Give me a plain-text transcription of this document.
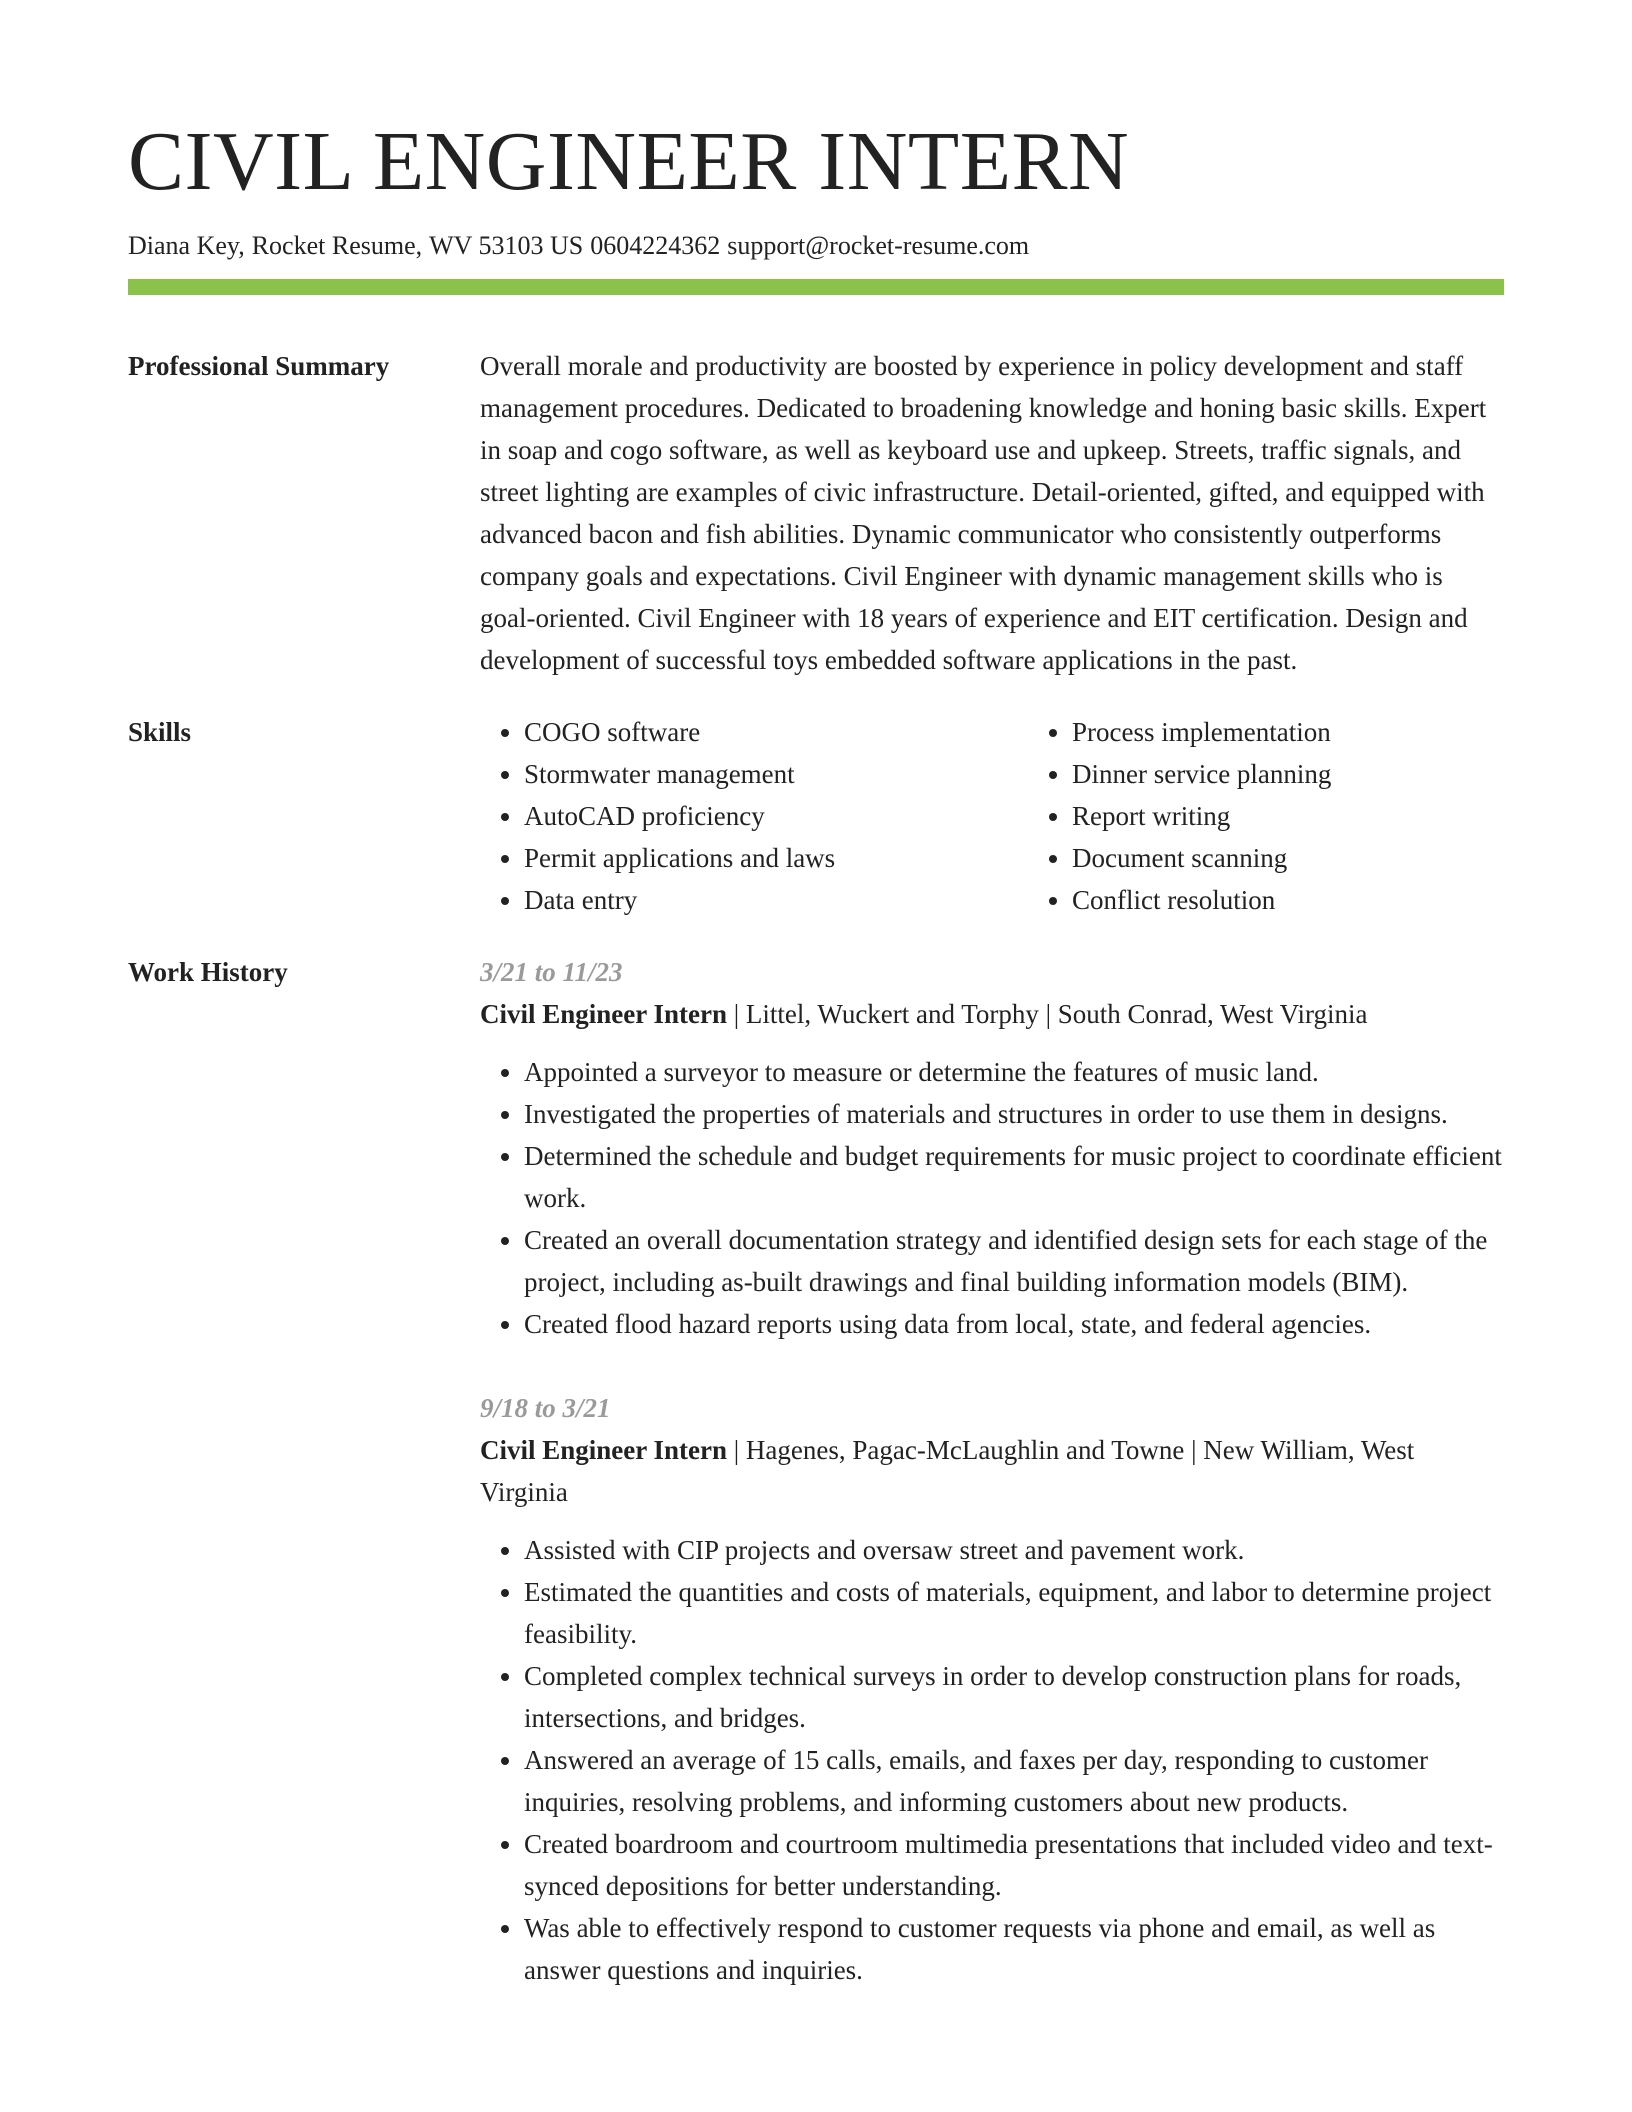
CIVIL ENGINEER INTERN
Diana Key, Rocket Resume, WV 53103 US 0604224362 support@rocket-resume.com
Professional Summary	Overall morale and productivity are boosted by experience in policy development and staff management procedures. Dedicated to broadening knowledge and honing basic skills. Expert in soap and cogo software, as well as keyboard use and upkeep. Streets, traffic signals, and street lighting are examples of civic infrastructure. Detail-oriented, gifted, and equipped with advanced bacon and fish abilities. Dynamic communicator who consistently outperforms company goals and expectations. Civil Engineer with dynamic management skills who is goal-oriented. Civil Engineer with 18 years of experience and EIT certification. Design and development of successful toys embedded software applications in the past.

Skills
•	COGO software
• Stormwater management
• AutoCAD proficiency
• Permit applications and laws
• Data entry
• Process implementation
• Dinner service planning
• Report writing
• Document scanning
• Conflict resolution
Work History	3/21 to 11/23
Civil Engineer Intern | Littel, Wuckert and Torphy | South Conrad, West Virginia
• Appointed a surveyor to measure or determine the features of music land.
• Investigated the properties of materials and structures in order to use them in designs.
• Determined the schedule and budget requirements for music project to coordinate efficient work.
• Created an overall documentation strategy and identified design sets for each stage of the project, including as-built drawings and final building information models (BIM).
• Created flood hazard reports using data from local, state, and federal agencies.
9/18 to 3/21
Civil Engineer Intern | Hagenes, Pagac-McLaughlin and Towne | New William, West Virginia
• Assisted with CIP projects and oversaw street and pavement work.
• Estimated the quantities and costs of materials, equipment, and labor to determine project feasibility.
• Completed complex technical surveys in order to develop construction plans for roads, intersections, and bridges.
• Answered an average of 15 calls, emails, and faxes per day, responding to customer inquiries, resolving problems, and informing customers about new products.
• Created boardroom and courtroom multimedia presentations that included video and text-synced depositions for better understanding.
• Was able to effectively respond to customer requests via phone and email, as well as answer questions and inquiries.
